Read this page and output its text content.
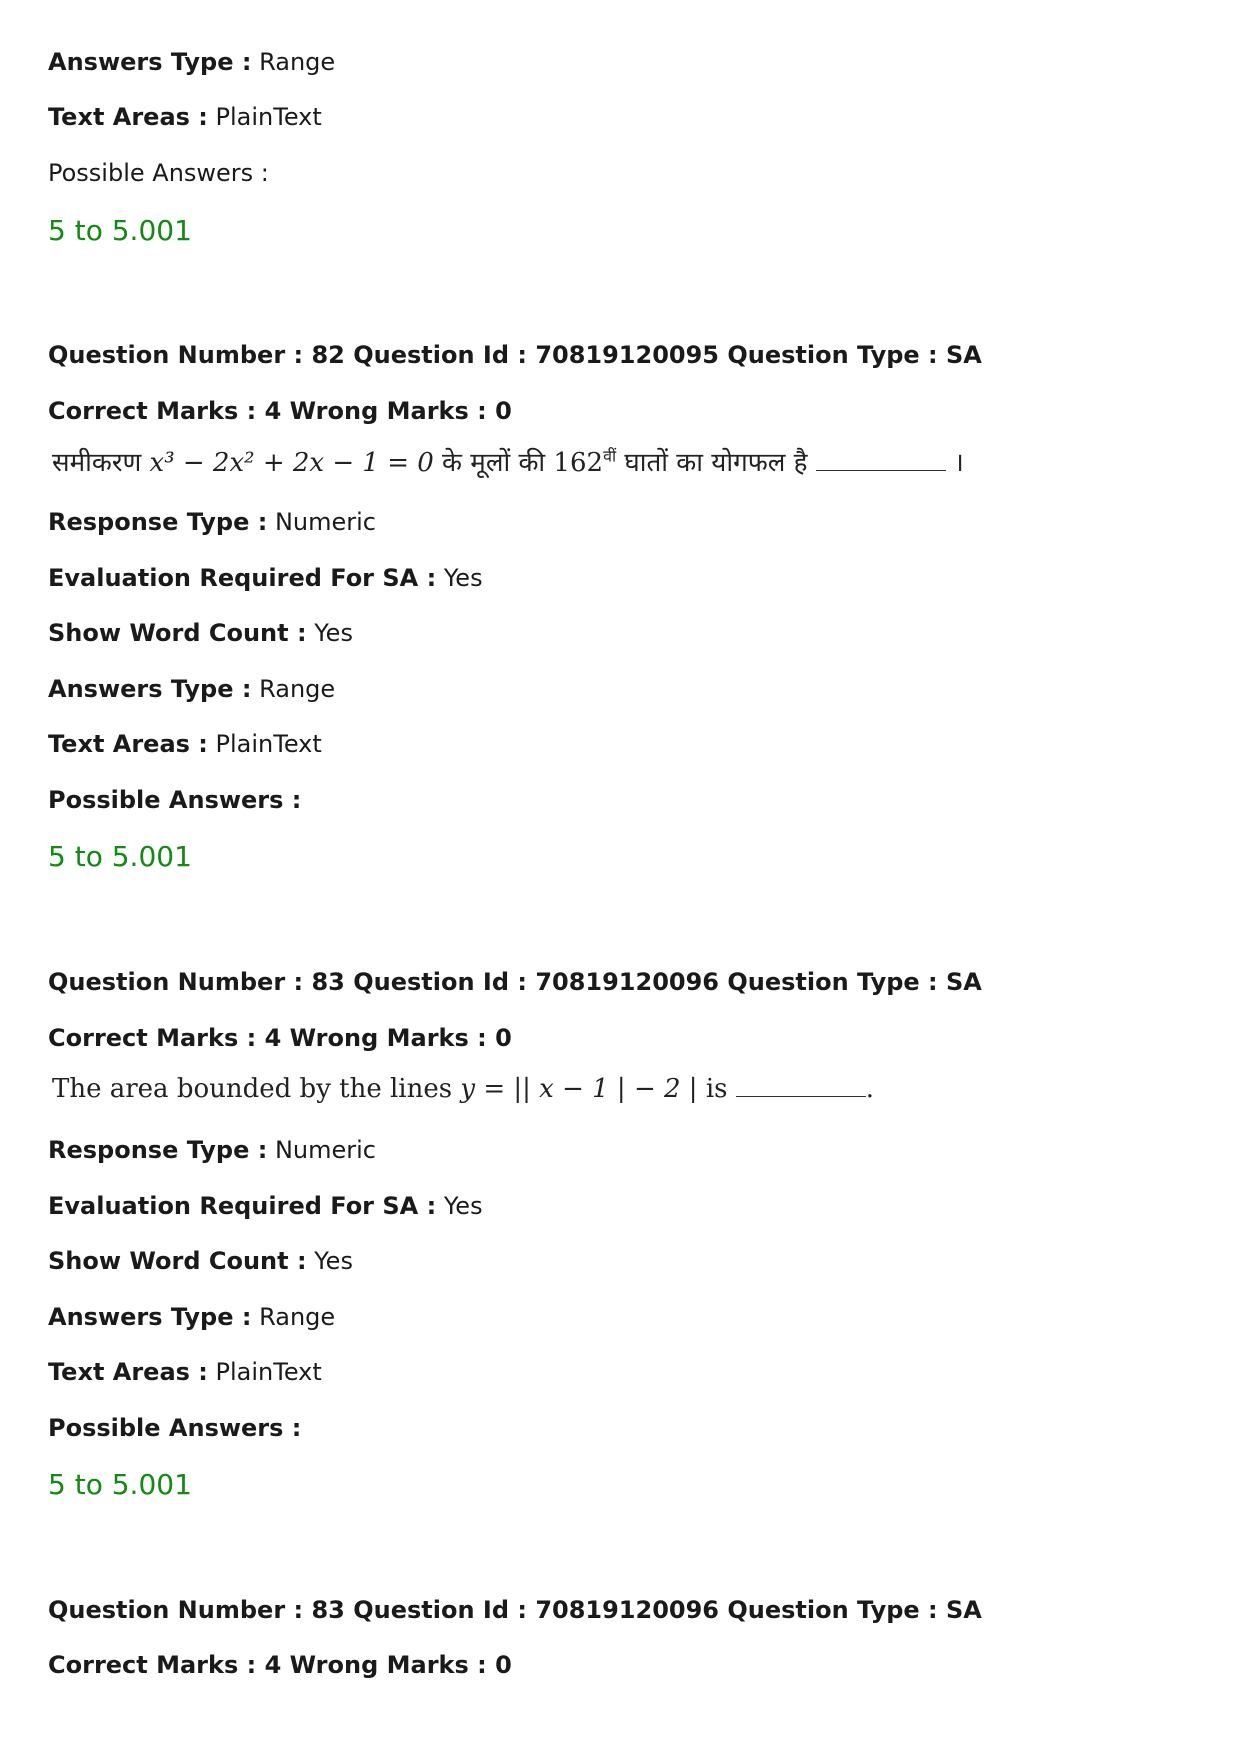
Answers Type : Range
Text Areas : PlainText
Possible Answers :
5 to 5.001
Question Number : 82 Question Id : 70819120095 Question Type : SA
Correct Marks : 4 Wrong Marks : 0
समीकरण x³ − 2x² + 2x − 1 = 0 के मूलों की $162^{वीं}$ घातों का योगफल है	।
Response Type : Numeric
Evaluation Required For SA : Yes
Show Word Count : Yes
Answers Type : Range
Text Areas : PlainText
Possible Answers :
5 to 5.001
Question Number : 83 Question Id : 70819120096 Question Type : SA
Correct Marks : 4 Wrong Marks : 0
The area bounded by the lines y = || x − 1 | − 2 | is	.
Response Type : Numeric
Evaluation Required For SA : Yes
Show Word Count : Yes
Answers Type : Range
Text Areas : PlainText
Possible Answers :
5 to 5.001
Question Number : 83 Question Id : 70819120096 Question Type : SA
Correct Marks : 4 Wrong Marks : 0
